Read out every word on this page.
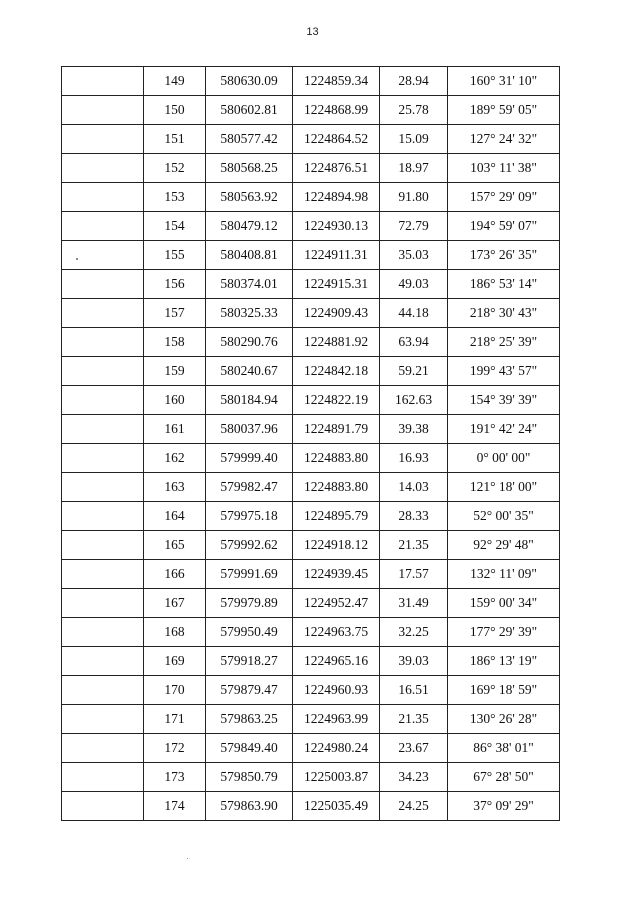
13
	149	580630.09	1224859.34	28.94	160° 31' 10"
	150	580602.81	1224868.99	25.78	189° 59' 05"
	151	580577.42	1224864.52	15.09	127° 24' 32"
	152	580568.25	1224876.51	18.97	103° 11' 38"
	153	580563.92	1224894.98	91.80	157° 29' 09"
	154	580479.12	1224930.13	72.79	194° 59' 07"
	155	580408.81	1224911.31	35.03	173° 26' 35"
	156	580374.01	1224915.31	49.03	186° 53' 14"
	157	580325.33	1224909.43	44.18	218° 30' 43"
	158	580290.76	1224881.92	63.94	218° 25' 39"
	159	580240.67	1224842.18	59.21	199° 43' 57"
	160	580184.94	1224822.19	162.63	154° 39' 39"
	161	580037.96	1224891.79	39.38	191° 42' 24"
	162	579999.40	1224883.80	16.93	0° 00' 00"
	163	579982.47	1224883.80	14.03	121° 18' 00"
	164	579975.18	1224895.79	28.33	52° 00' 35"
	165	579992.62	1224918.12	21.35	92° 29' 48"
	166	579991.69	1224939.45	17.57	132° 11' 09"
	167	579979.89	1224952.47	31.49	159° 00' 34"
	168	579950.49	1224963.75	32.25	177° 29' 39"
	169	579918.27	1224965.16	39.03	186° 13' 19"
	170	579879.47	1224960.93	16.51	169° 18' 59"
	171	579863.25	1224963.99	21.35	130° 26' 28"
	172	579849.40	1224980.24	23.67	86° 38' 01"
	173	579850.79	1225003.87	34.23	67° 28' 50"
	174	579863.90	1225035.49	24.25	37° 09' 29"
